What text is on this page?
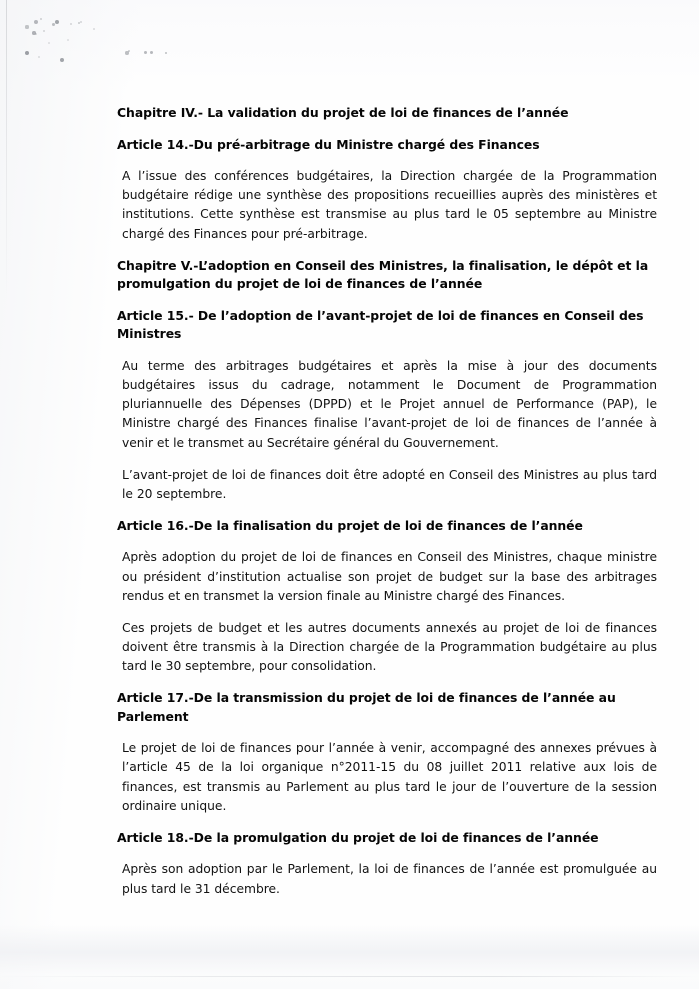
Chapitre IV.- La validation du projet de loi de finances de l’année
Article 14.-Du pré-arbitrage du Ministre chargé des Finances

A l’issue des conférences budgétaires, la Direction chargée de la Programmation budgétaire rédige une synthèse des propositions recueillies auprès des ministères et institutions. Cette synthèse est transmise au plus tard le 05 septembre au Ministre chargé des Finances pour pré-arbitrage.

Chapitre V.-L’adoption en Conseil des Ministres, la finalisation, le dépôt et la promulgation du projet de loi de finances de l’année
Article 15.- De l’adoption de l’avant-projet de loi de finances en Conseil des Ministres

Au terme des arbitrages budgétaires et après la mise à jour des documents budgétaires issus du cadrage, notamment le Document de Programmation pluriannuelle des Dépenses (DPPD) et le Projet annuel de Performance (PAP), le Ministre chargé des Finances finalise l’avant-projet de loi de finances de l’année à venir et le transmet au Secrétaire général du Gouvernement.

L’avant-projet de loi de finances doit être adopté en Conseil des Ministres au plus tard le 20 septembre.

Article 16.-De la finalisation du projet de loi de finances de l’année

Après adoption du projet de loi de finances en Conseil des Ministres, chaque ministre ou président d’institution actualise son projet de budget sur la base des arbitrages rendus et en transmet la version finale au Ministre chargé des Finances.

Ces projets de budget et les autres documents annexés au projet de loi de finances doivent être transmis à la Direction chargée de la Programmation budgétaire au plus tard le 30 septembre, pour consolidation.

Article 17.-De la transmission du projet de loi de finances de l’année au Parlement

Le projet de loi de finances pour l’année à venir, accompagné des annexes prévues à l’article 45 de la loi organique n°2011-15 du 08 juillet 2011 relative aux lois de finances, est transmis au Parlement au plus tard le jour de l’ouverture de la session ordinaire unique.

Article 18.-De la promulgation du projet de loi de finances de l’année

Après son adoption par le Parlement, la loi de finances de l’année est promulguée au plus tard le 31 décembre.
